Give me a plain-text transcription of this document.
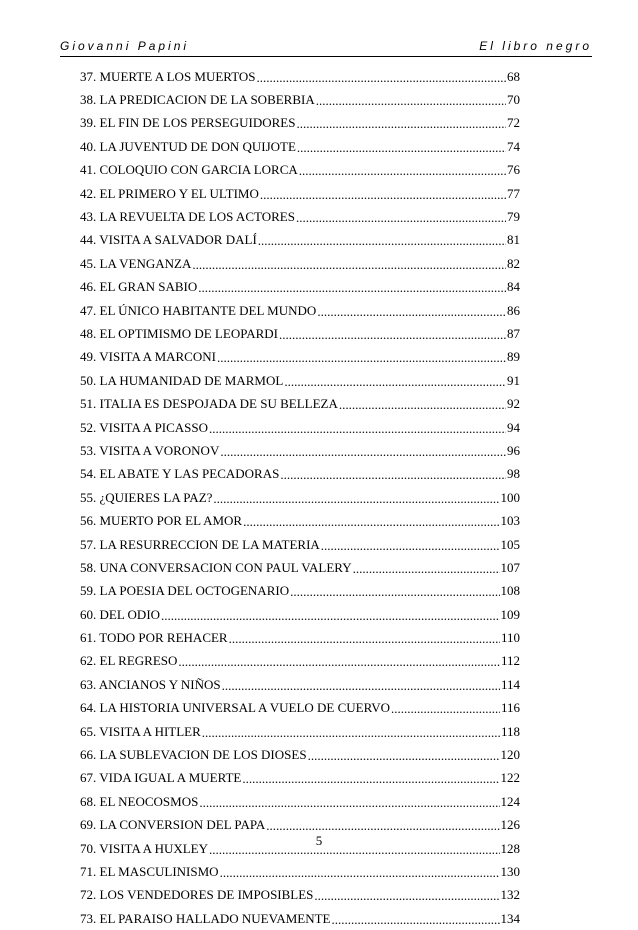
Giovanni Papini	El libro negro
37. MUERTE A LOS MUERTOS .....	68
38. LA PREDICACION DE LA SOBERBIA .....	70
39. EL FIN DE LOS PERSEGUIDORES .....	72
40. LA JUVENTUD DE DON QUIJOTE .....	74
41. COLOQUIO CON GARCIA LORCA .....	76
42. EL PRIMERO Y EL ULTIMO .....	77
43. LA REVUELTA DE LOS ACTORES .....	79
44. VISITA A SALVADOR DALÍ .....	81
45. LA VENGANZA .....	82
46. EL GRAN SABIO .....	84
47. EL ÚNICO HABITANTE DEL MUNDO .....	86
48. EL OPTIMISMO DE LEOPARDI .....	87
49. VISITA A MARCONI .....	89
50. LA HUMANIDAD DE MARMOL .....	91
51. ITALIA ES DESPOJADA DE SU BELLEZA .....	92
52. VISITA A PICASSO .....	94
53. VISITA A VORONOV .....	96
54. EL ABATE Y LAS PECADORAS .....	98
55. ¿QUIERES LA PAZ? .....	100
56. MUERTO POR EL AMOR .....	103
57. LA RESURRECCION DE LA MATERIA .....	105
58. UNA CONVERSACION CON PAUL VALERY .....	107
59. LA POESIA DEL OCTOGENARIO .....	108
60. DEL ODIO .....	109
61. TODO POR REHACER .....	110
62. EL REGRESO .....	112
63. ANCIANOS Y NIÑOS .....	114
64. LA HISTORIA UNIVERSAL A VUELO DE CUERVO .....	116
65. VISITA A HITLER .....	118
66. LA SUBLEVACION DE LOS DIOSES .....	120
67. VIDA IGUAL A MUERTE .....	122
68. EL NEOCOSMOS .....	124
69. LA CONVERSION DEL PAPA .....	126
70. VISITA A HUXLEY .....	128
71. EL MASCULINISMO .....	130
72. LOS VENDEDORES DE IMPOSIBLES .....	132
73. EL PARAISO HALLADO NUEVAMENTE .....	134
5
